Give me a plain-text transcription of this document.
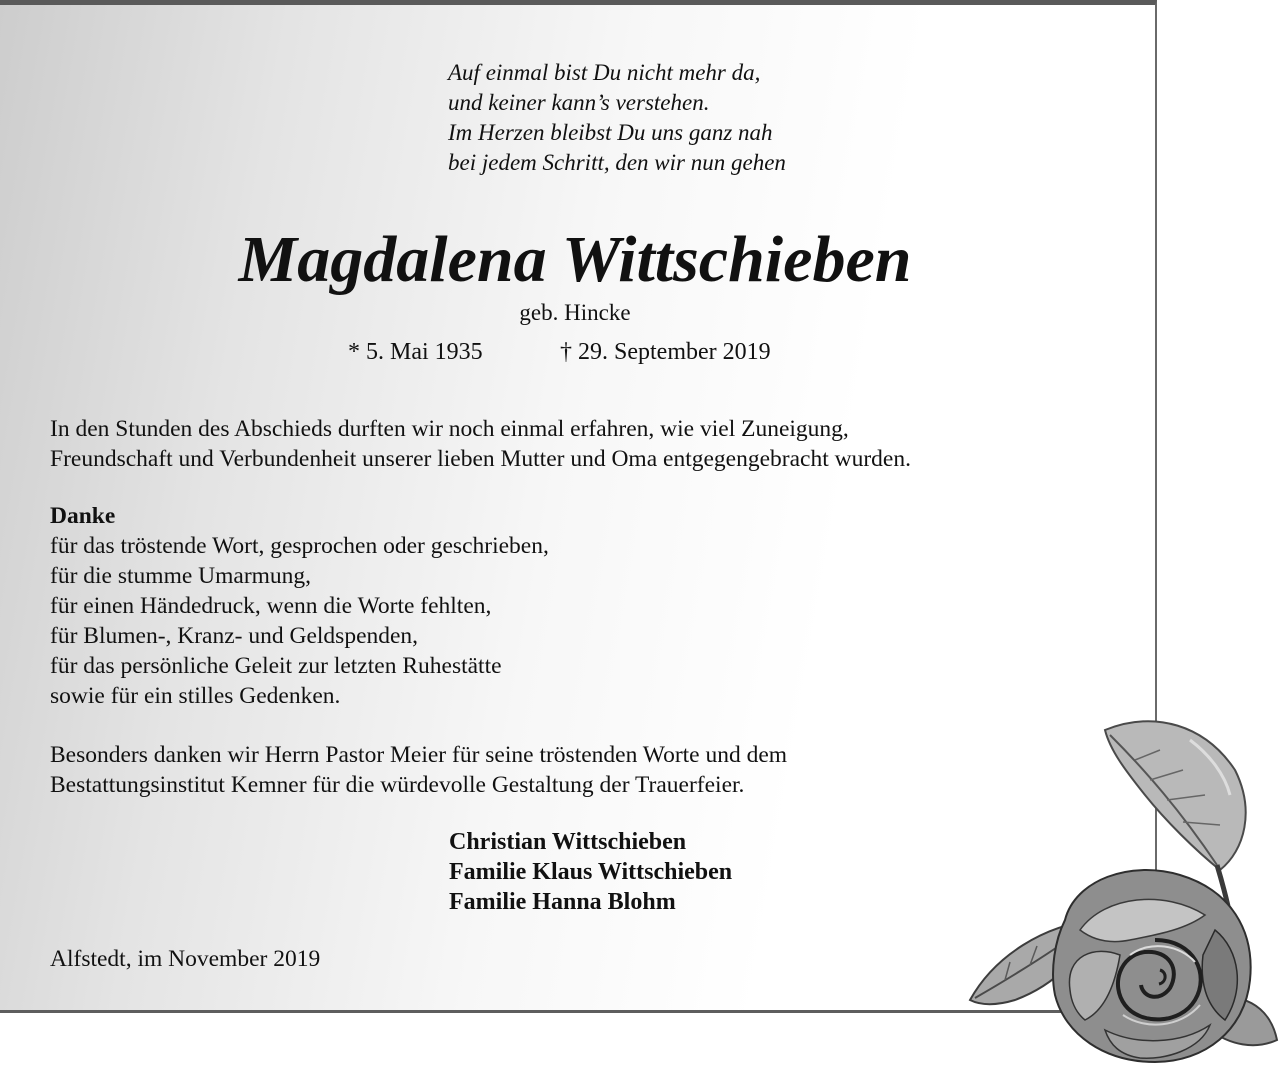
Auf einmal bist Du nicht mehr da,
und keiner kann’s verstehen.
Im Herzen bleibst Du uns ganz nah
bei jedem Schritt, den wir nun gehen
Magdalena Wittschieben
geb. Hincke
* 5. Mai 1935	† 29. September 2019
In den Stunden des Abschieds durften wir noch einmal erfahren, wie viel Zuneigung,
Freundschaft und Verbundenheit unserer lieben Mutter und Oma entgegengebracht wurden.
Danke
für das tröstende Wort, gesprochen oder geschrieben,
für die stumme Umarmung,
für einen Händedruck, wenn die Worte fehlten,
für Blumen-, Kranz- und Geldspenden,
für das persönliche Geleit zur letzten Ruhestätte
sowie für ein stilles Gedenken.
Besonders danken wir Herrn Pastor Meier für seine tröstenden Worte und dem
Bestattungsinstitut Kemner für die würdevolle Gestaltung der Trauerfeier.
Christian Wittschieben
Familie Klaus Wittschieben
Familie Hanna Blohm
Alfstedt, im November 2019
